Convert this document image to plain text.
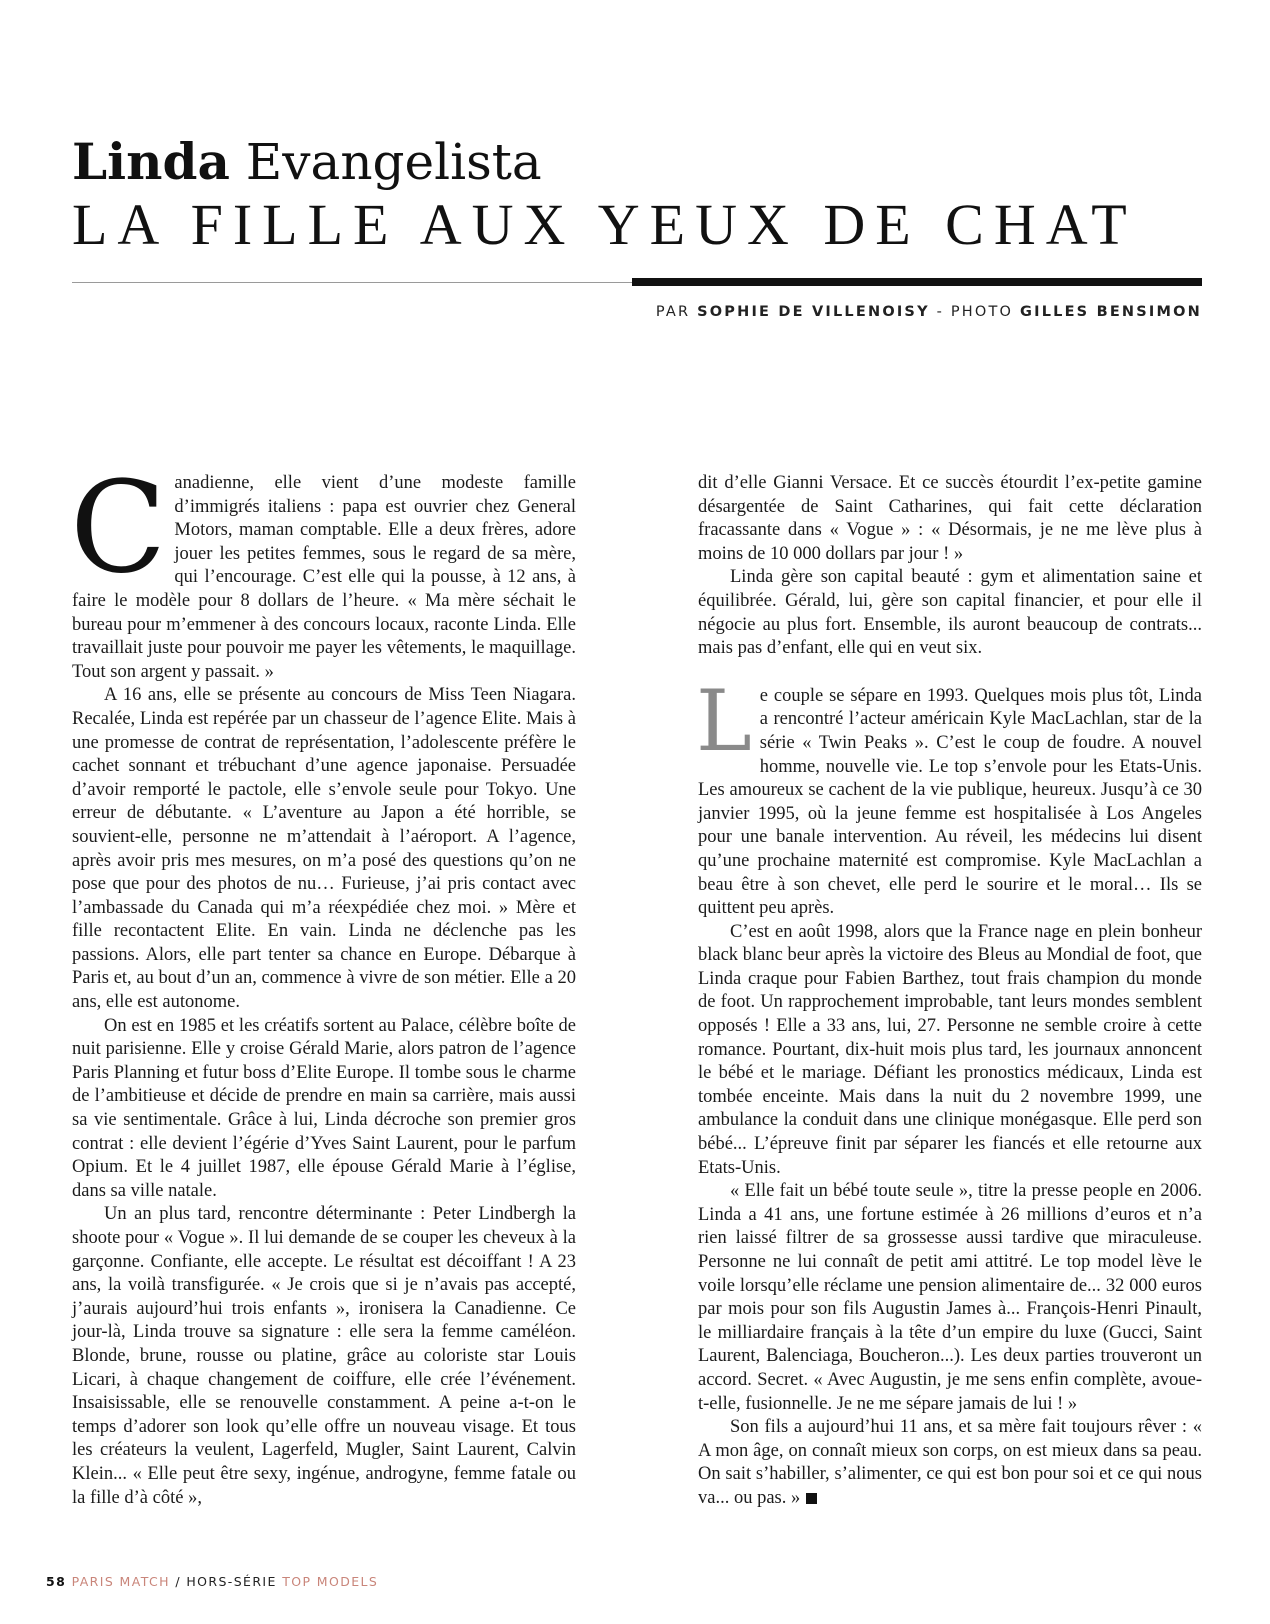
Linda Evangelista
LA FILLE AUX YEUX DE CHAT
PAR SOPHIE DE VILLENOISY - PHOTO GILLES BENSIMON

Canadienne, elle vient d’une modeste famille d’immigrés italiens : papa est ouvrier chez General Motors, maman comptable. Elle a deux frères, adore jouer les petites femmes, sous le regard de sa mère, qui l’encourage. C’est elle qui la pousse, à 12 ans, à faire le modèle pour 8 dollars de l’heure. « Ma mère séchait le bureau pour m’emmener à des concours locaux, raconte Linda. Elle travaillait juste pour pouvoir me payer les vêtements, le maquillage. Tout son argent y passait. »

A 16 ans, elle se présente au concours de Miss Teen Niagara. Recalée, Linda est repérée par un chasseur de l’agence Elite. Mais à une promesse de contrat de représentation, l’adolescente préfère le cachet sonnant et trébuchant d’une agence japonaise. Persuadée d’avoir remporté le pactole, elle s’envole seule pour Tokyo. Une erreur de débutante. « L’aventure au Japon a été horrible, se souvient-elle, personne ne m’attendait à l’aéroport. A l’agence, après avoir pris mes mesures, on m’a posé des questions qu’on ne pose que pour des photos de nu… Furieuse, j’ai pris contact avec l’ambassade du Canada qui m’a réexpédiée chez moi. » Mère et fille recontactent Elite. En vain. Linda ne déclenche pas les passions. Alors, elle part tenter sa chance en Europe. Débarque à Paris et, au bout d’un an, commence à vivre de son métier. Elle a 20 ans, elle est autonome.

On est en 1985 et les créatifs sortent au Palace, célèbre boîte de nuit parisienne. Elle y croise Gérald Marie, alors patron de l’agence Paris Planning et futur boss d’Elite Europe. Il tombe sous le charme de l’ambitieuse et décide de prendre en main sa carrière, mais aussi sa vie sentimentale. Grâce à lui, Linda décroche son premier gros contrat : elle devient l’égérie d’Yves Saint Laurent, pour le parfum Opium. Et le 4 juillet 1987, elle épouse Gérald Marie à l’église, dans sa ville natale.

Un an plus tard, rencontre déterminante : Peter Lindbergh la shoote pour « Vogue ». Il lui demande de se couper les cheveux à la garçonne. Confiante, elle accepte. Le résultat est décoiffant ! A 23 ans, la voilà transfigurée. « Je crois que si je n’avais pas accepté, j’aurais aujourd’hui trois enfants », ironisera la Canadienne. Ce jour-là, Linda trouve sa signature : elle sera la femme caméléon. Blonde, brune, rousse ou platine, grâce au coloriste star Louis Licari, à chaque changement de coiffure, elle crée l’événement. Insaisissable, elle se renouvelle constamment. A peine a-t-on le temps d’adorer son look qu’elle offre un nouveau visage. Et tous les créateurs la veulent, Lagerfeld, Mugler, Saint Laurent, Calvin Klein... « Elle peut être sexy, ingénue, androgyne, femme fatale ou la fille d’à côté »,

dit d’elle Gianni Versace. Et ce succès étourdit l’ex-petite gamine désargentée de Saint Catharines, qui fait cette déclaration fracassante dans « Vogue » : « Désormais, je ne me lève plus à moins de 10 000 dollars par jour ! »

Linda gère son capital beauté : gym et alimentation saine et équilibrée. Gérald, lui, gère son capital financier, et pour elle il négocie au plus fort. Ensemble, ils auront beaucoup de contrats... mais pas d’enfant, elle qui en veut six.

Le couple se sépare en 1993. Quelques mois plus tôt, Linda a rencontré l’acteur américain Kyle MacLachlan, star de la série « Twin Peaks ». C’est le coup de foudre. A nouvel homme, nouvelle vie. Le top s’envole pour les Etats-Unis. Les amoureux se cachent de la vie publique, heureux. Jusqu’à ce 30 janvier 1995, où la jeune femme est hospitalisée à Los Angeles pour une banale intervention. Au réveil, les médecins lui disent qu’une prochaine maternité est compromise. Kyle MacLachlan a beau être à son chevet, elle perd le sourire et le moral… Ils se quittent peu après.

C’est en août 1998, alors que la France nage en plein bonheur black blanc beur après la victoire des Bleus au Mondial de foot, que Linda craque pour Fabien Barthez, tout frais champion du monde de foot. Un rapprochement improbable, tant leurs mondes semblent opposés ! Elle a 33 ans, lui, 27. Personne ne semble croire à cette romance. Pourtant, dix-huit mois plus tard, les journaux annoncent le bébé et le mariage. Défiant les pronostics médicaux, Linda est tombée enceinte. Mais dans la nuit du 2 novembre 1999, une ambulance la conduit dans une clinique monégasque. Elle perd son bébé... L’épreuve finit par séparer les fiancés et elle retourne aux Etats-Unis.

« Elle fait un bébé toute seule », titre la presse people en 2006. Linda a 41 ans, une fortune estimée à 26 millions d’euros et n’a rien laissé filtrer de sa grossesse aussi tardive que miraculeuse. Personne ne lui connaît de petit ami attitré. Le top model lève le voile lorsqu’elle réclame une pension alimentaire de... 32 000 euros par mois pour son fils Augustin James à... François-Henri Pinault, le milliardaire français à la tête d’un empire du luxe (Gucci, Saint Laurent, Balenciaga, Boucheron...). Les deux parties trouveront un accord. Secret. « Avec Augustin, je me sens enfin complète, avoue-t-elle, fusionnelle. Je ne me sépare jamais de lui ! »

Son fils a aujourd’hui 11 ans, et sa mère fait toujours rêver : « A mon âge, on connaît mieux son corps, on est mieux dans sa peau. On sait s’habiller, s’alimenter, ce qui est bon pour soi et ce qui nous va... ou pas. »

58 PARIS MATCH / HORS-SÉRIE TOP MODELS
